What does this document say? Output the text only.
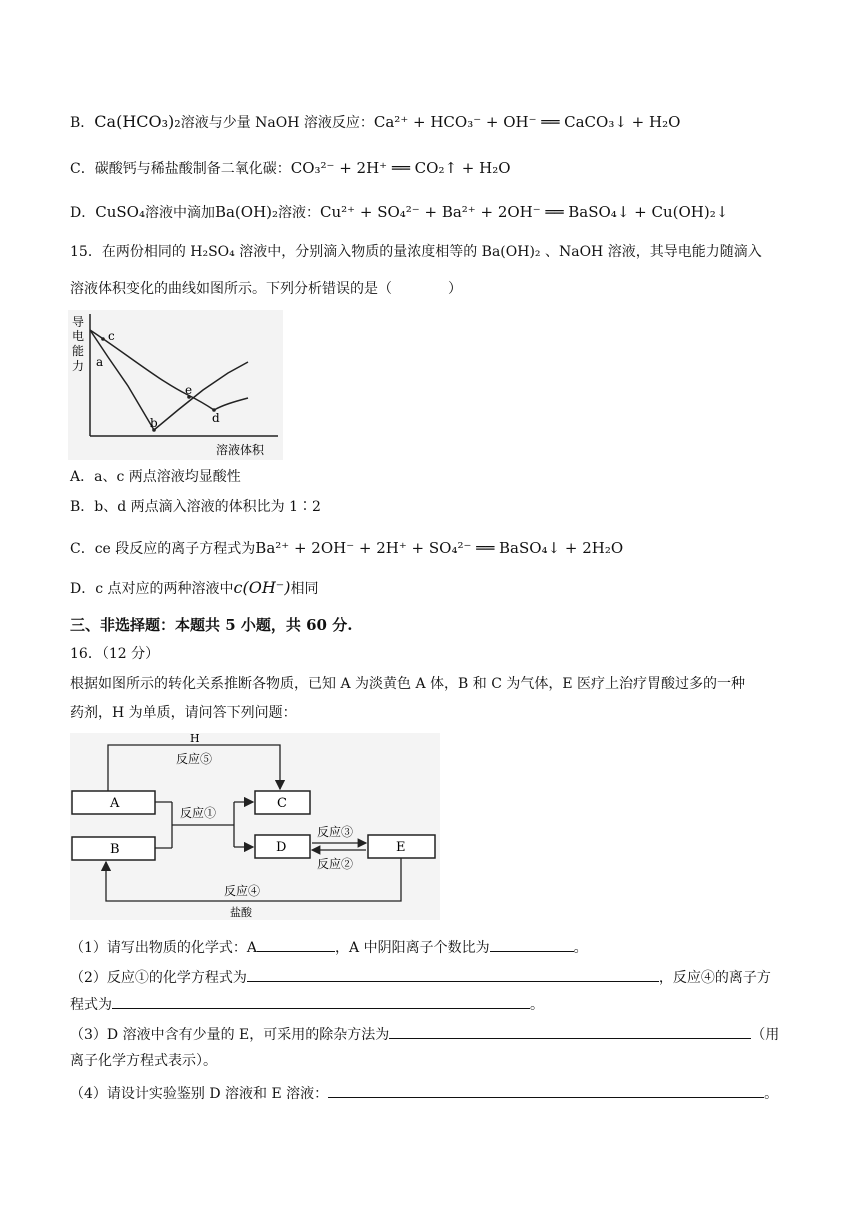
B．Ca(HCO₃)₂溶液与少量 NaOH 溶液反应：Ca²⁺ + HCO₃⁻ + OH⁻ ══ CaCO₃↓ + H₂O
C．碳酸钙与稀盐酸制备二氧化碳：CO₃²⁻ + 2H⁺ ══ CO₂↑ + H₂O
D．CuSO₄溶液中滴加Ba(OH)₂溶液：Cu²⁺ + SO₄²⁻ + Ba²⁺ + 2OH⁻ ══ BaSO₄↓ + Cu(OH)₂↓
15．在两份相同的 H₂SO₄ 溶液中，分别滴入物质的量浓度相等的 Ba(OH)₂ 、NaOH 溶液，其导电能力随滴入
溶液体积变化的曲线如图所示。下列分析错误的是（　　　　）
导
电
能
力 a
c
b
e
d
溶液体积
A．a、c 两点溶液均显酸性
B．b、d 两点滴入溶液的体积比为 1∶2
C．ce 段反应的离子方程式为Ba²⁺ + 2OH⁻ + 2H⁺ + SO₄²⁻ ══ BaSO₄↓ + 2H₂O
D．c 点对应的两种溶液中c(OH⁻)相同
三、非选择题：本题共 5 小题，共 60 分.
16．（12 分）
根据如图所示的转化关系推断各物质，已知 A 为淡黄色 A 体，B 和 C 为气体，E 医疗上治疗胃酸过多的一种
药剂，H 为单质，请问答下列问题：
A
B
C
D	E
H
反应⑤
反应①
反应③
反应②
反应④
盐酸
（1）请写出物质的化学式：A	，A 中阴阳离子个数比为	。
（2）反应①的化学方程式为	，反应④的离子方
程式为	。
（3）D 溶液中含有少量的 E，可采用的除杂方法为	（用
离子化学方程式表示）。
（4）请设计实验鉴别 D 溶液和 E 溶液：	。
